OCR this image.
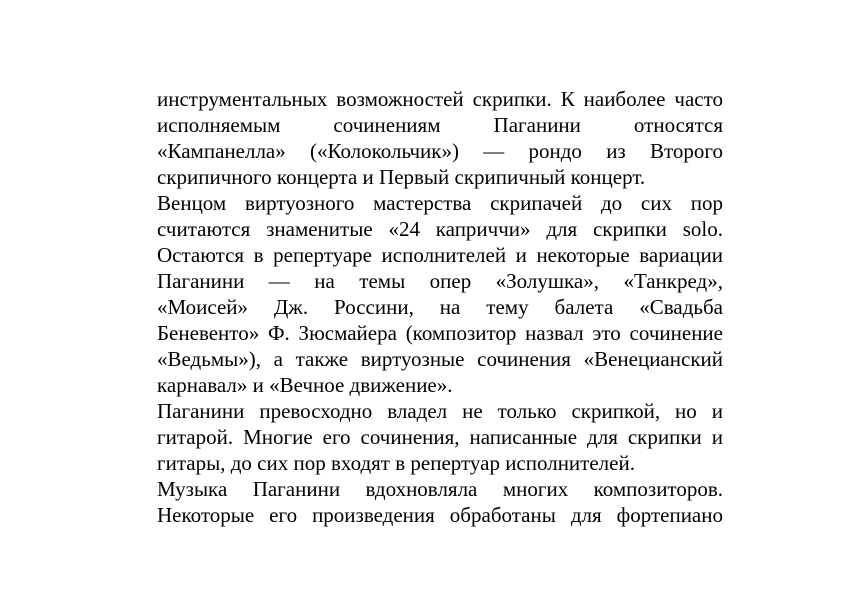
инструментальных возможностей скрипки. К наиболее часто
исполняемым сочинениям Паганини относятся
«Кампанелла» («Колокольчик») — рондо из Второго
скрипичного концерта и Первый скрипичный концерт.
Венцом виртуозного мастерства скрипачей до сих пор
считаются знаменитые «24 каприччи» для скрипки solo.
Остаются в репертуаре исполнителей и некоторые вариации
Паганини — на темы опер «Золушка», «Танкред»,
«Моисей» Дж. Россини, на тему балета «Свадьба
Беневенто» Ф. Зюсмайера (композитор назвал это сочинение
«Ведьмы»), а также виртуозные сочинения «Венецианский
карнавал» и «Вечное движение».
Паганини превосходно владел не только скрипкой, но и
гитарой. Многие его сочинения, написанные для скрипки и
гитары, до сих пор входят в репертуар исполнителей.
Музыка Паганини вдохновляла многих композиторов.
Некоторые его произведения обработаны для фортепиано
